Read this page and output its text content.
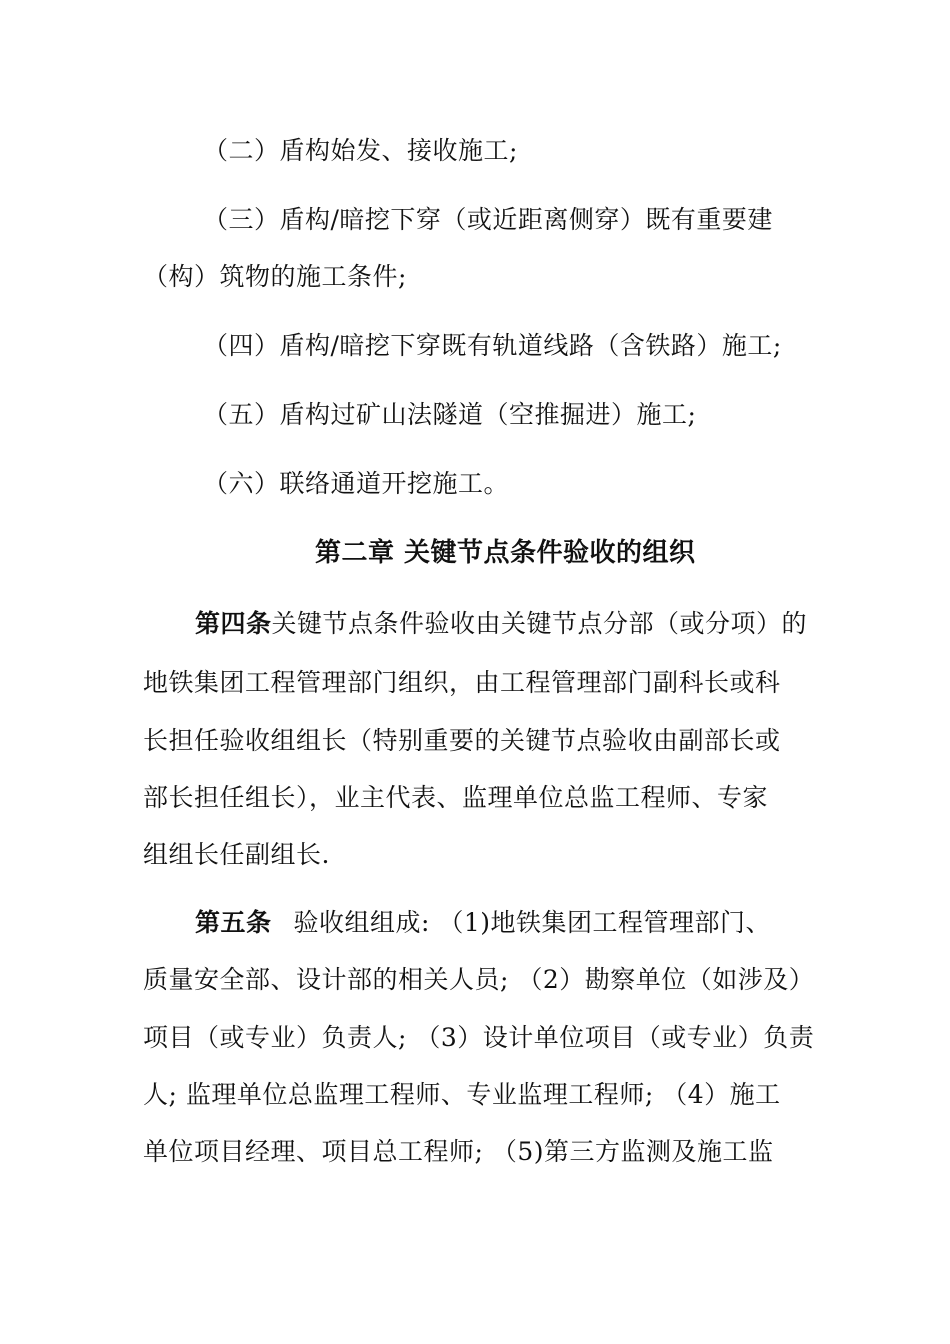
（二）盾构始发、接收施工;
（三）盾构/暗挖下穿（或近距离侧穿）既有重要建
（构）筑物的施工条件;
（四）盾构/暗挖下穿既有轨道线路（含铁路）施工;
（五）盾构过矿山法隧道（空推掘进）施工;
（六）联络通道开挖施工。
第二章 关键节点条件验收的组织
第四条关键节点条件验收由关键节点分部（或分项）的
地铁集团工程管理部门组织，由工程管理部门副科长或科
长担任验收组组长（特别重要的关键节点验收由副部长或
部长担任组长），业主代表、监理单位总监工程师、专家
组组长任副组长.
第五条 验收组组成: （1)地铁集团工程管理部门、
质量安全部、设计部的相关人员; （2）勘察单位（如涉及）
项目（或专业）负责人; （3）设计单位项目（或专业）负责
人; 监理单位总监理工程师、专业监理工程师; （4）施工
单位项目经理、项目总工程师; （5)第三方监测及施工监
